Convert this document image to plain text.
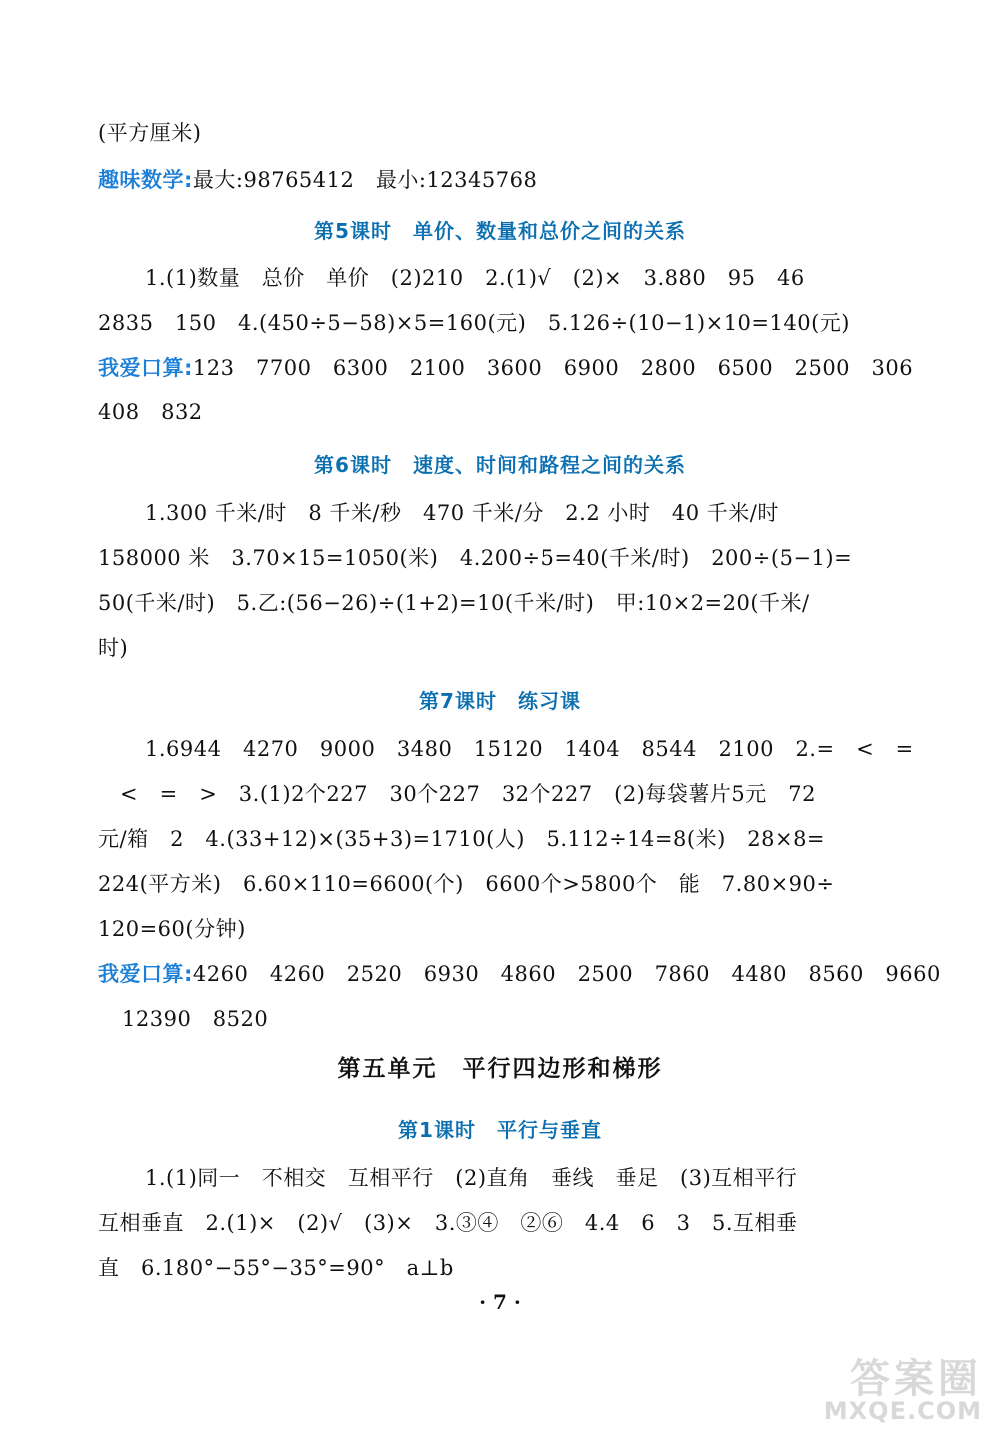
(平方厘米)
趣味数学:最大:98765412　最小:12345768
第5课时　单价、数量和总价之间的关系
1.(1)数量　总价　单价　(2)210　2.(1)√　(2)×　3.880　95　46
2835　150　4.(450÷5−58)×5=160(元)　5.126÷(10−1)×10=140(元)
我爱口算:123　7700　6300　2100　3600　6900　2800　6500　2500　306
408　832
第6课时　速度、时间和路程之间的关系
1.300 千米/时　8 千米/秒　470 千米/分　2.2 小时　40 千米/时
158000 米　3.70×15=1050(米)　4.200÷5=40(千米/时)　200÷(5−1)=
50(千米/时)　5.乙:(56−26)÷(1+2)=10(千米/时)　甲:10×2=20(千米/
时)
第7课时　练习课
1.6944　4270　9000　3480　15120　1404　8544　2100　2.=　<　=
<　=　>　3.(1)2个227　30个227　32个227　(2)每袋薯片5元　72
元/箱　2　4.(33+12)×(35+3)=1710(人)　5.112÷14=8(米)　28×8=
224(平方米)　6.60×110=6600(个)　6600个>5800个　能　7.80×90÷
120=60(分钟)
我爱口算:4260　4260　2520　6930　4860　2500　7860　4480　8560　9660
12390　8520
第五单元　平行四边形和梯形
第1课时　平行与垂直
1.(1)同一　不相交　互相平行　(2)直角　垂线　垂足　(3)互相平行
互相垂直　2.(1)×　(2)√　(3)×　3.③④　②⑥　4.4　6　3　5.互相垂
直　6.180°−55°−35°=90°　a⊥b
· 7 ·
答案圈
MXQE.COM
